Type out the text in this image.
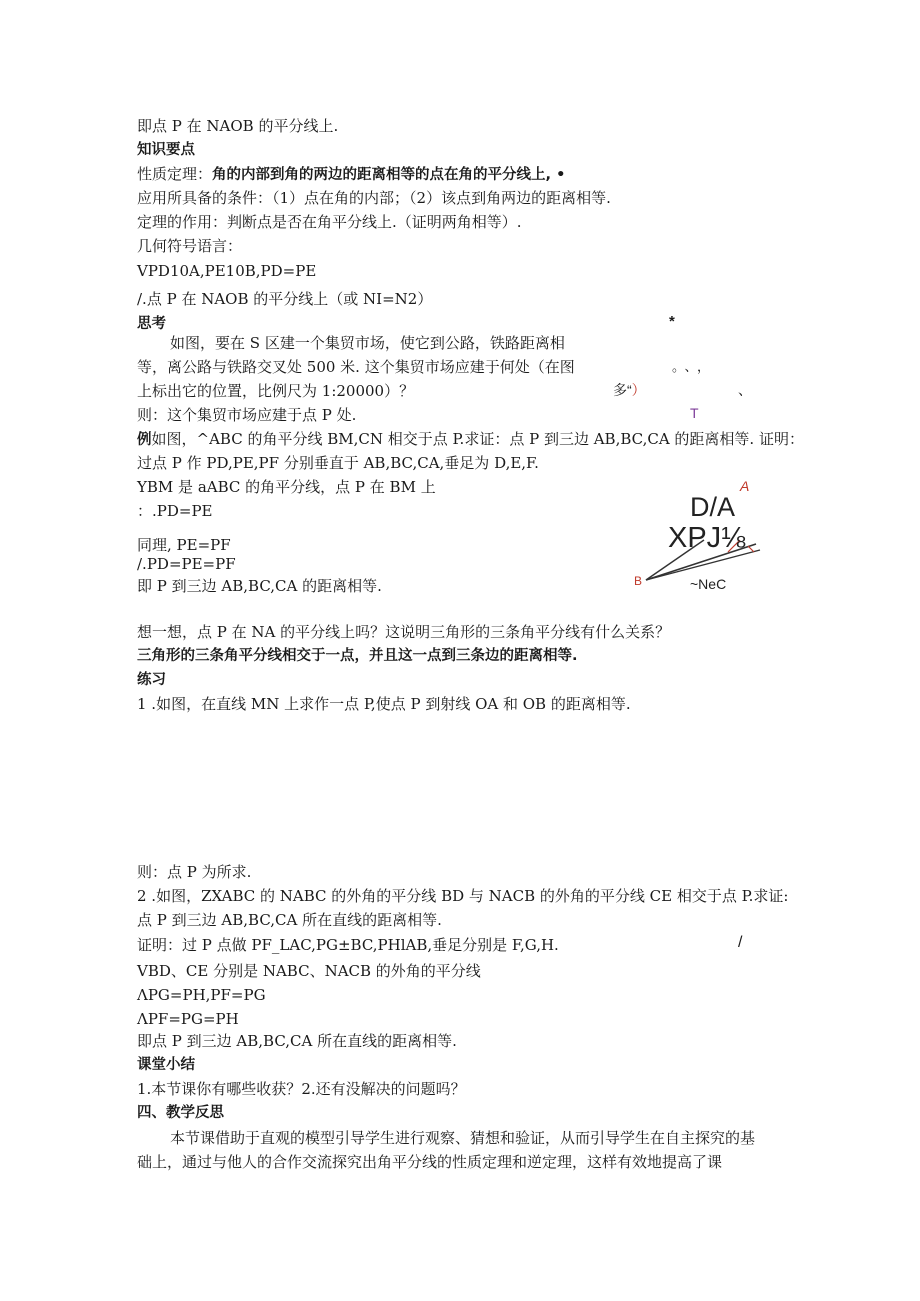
即点 P 在 NAOB 的平分线上.
知识要点
性质定理：角的内部到角的两边的距离相等的点在角的平分线上, •
应用所具备的条件：（1）点在角的内部；（2）该点到角两边的距离相等.
定理的作用：判断点是否在角平分线上.（证明两角相等）.
几何符号语言：
VPD10A,PE10B,PD=PE
/.点 P 在 NAOB 的平分线上（或 NI=N2）
思考
如图，要在 S 区建一个集贸市场，使它到公路，铁路距离相
等，离公路与铁路交叉处 500 米. 这个集贸市场应建于何处（在图
上标出它的位置，比例尺为 1:20000）？
则：这个集贸市场应建于点 P 处.
例如图，^ABC 的角平分线 BM,CN 相交于点 P.求证：点 P 到三边 AB,BC,CA 的距离相等. 证明：
过点 P 作 PD,PE,PF 分别垂直于 AB,BC,CA,垂足为 D,E,F.
YBM 是 aABC 的角平分线，点 P 在 BM 上
：.PD=PE
同理, PE=PF
/.PD=PE=PF
即 P 到三边 AB,BC,CA 的距离相等.
想一想，点 P 在 NA 的平分线上吗？这说明三角形的三条角平分线有什么关系？
三角形的三条角平分线相交于一点，并且这一点到三条边的距离相等.
练习
1 .如图，在直线 MN 上求作一点 P,使点 P 到射线 OA 和 OB 的距离相等.
则：点 P 为所求.
2 .如图，ZXABC 的 NABC 的外角的平分线 BD 与 NACB 的外角的平分线 CE 相交于点 P.求证:
点 P 到三边 AB,BC,CA 所在直线的距离相等.
证明：过 P 点做 PF_LAC,PG±BC,PHlAB,垂足分别是 F,G,H.
VBD、CE 分别是 NABC、NACB 的外角的平分线
ΛPG=PH,PF=PG
ΛPF=PG=PH
即点 P 到三边 AB,BC,CA 所在直线的距离相等.
课堂小结
1.本节课你有哪些收获？2.还有没解决的问题吗？
四、教学反思
本节课借助于直观的模型引导学生进行观察、猜想和验证，从而引导学生在自主探究的基
础上，通过与他人的合作交流探究出角平分线的性质定理和逆定理，这样有效地提高了课
*
。、，
多“）	、
T
/
A
D/A
XPJ⅛
B	~NeC
